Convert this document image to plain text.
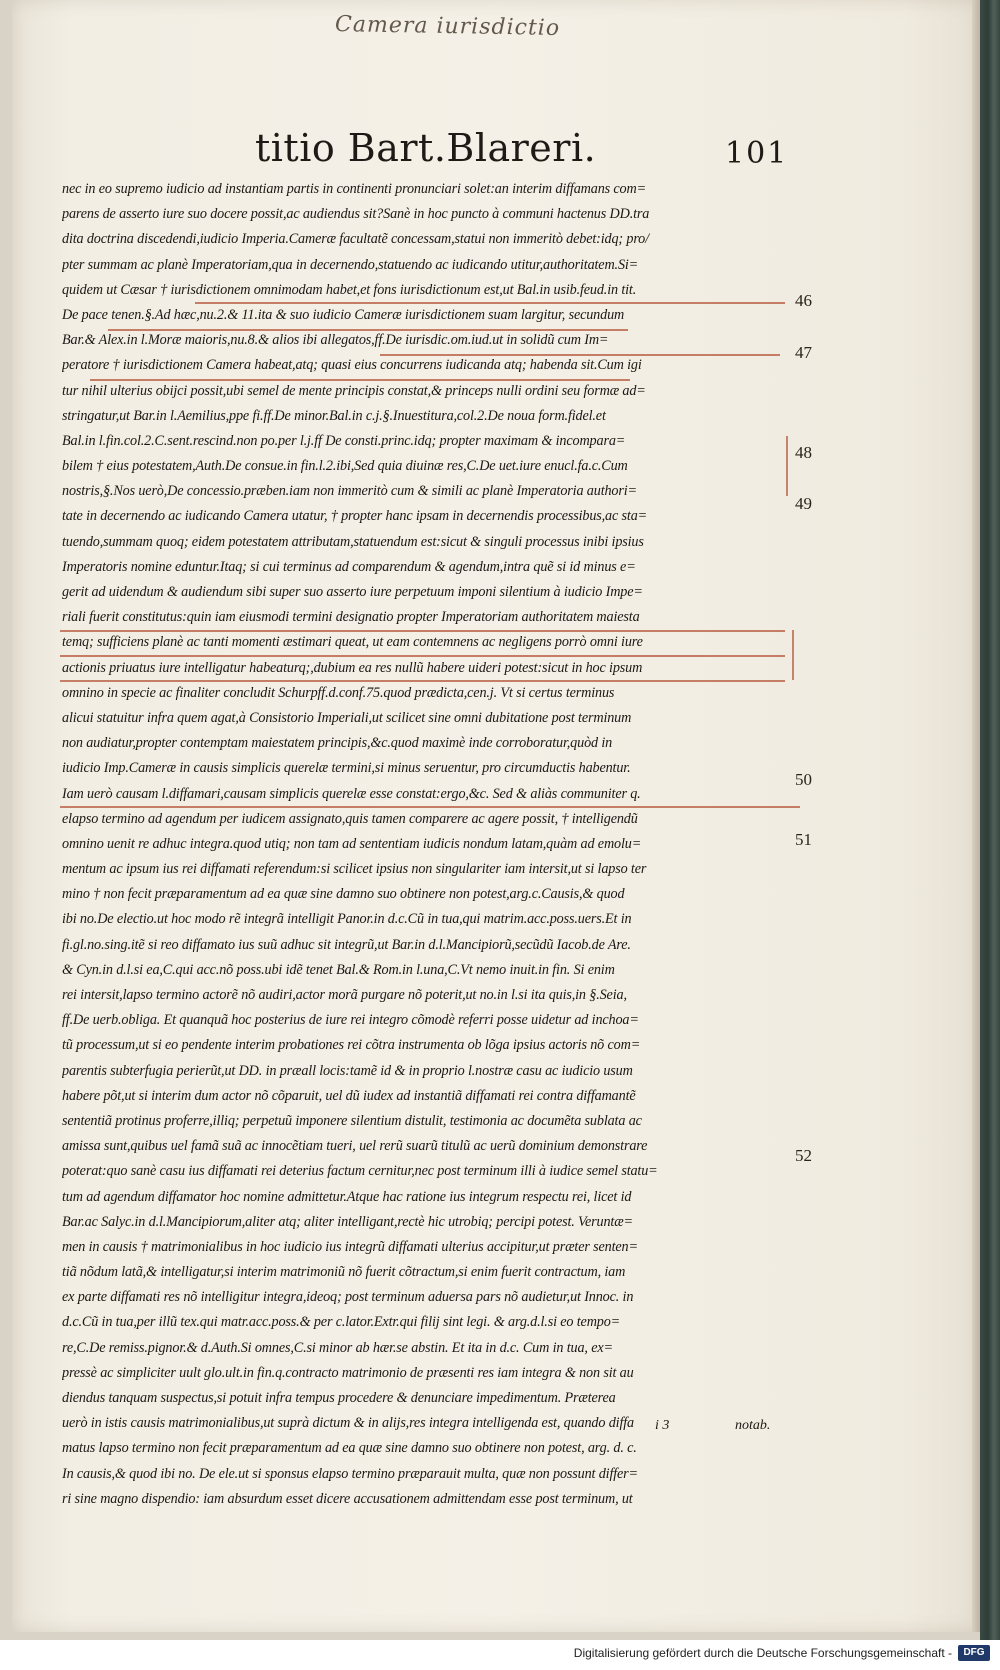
Camera iurisdictio
titio Bart.Blareri.	101
nec in eo supremo iudicio ad instantiam partis in continenti pronunciari solet:an interim diffamans com=
parens de asserto iure suo docere possit,ac audiendus sit?Sanè in hoc puncto à communi hactenus DD.tra
dita doctrina discedendi,iudicio Imperia.Cameræ facultatẽ concessam,statui non immeritò debet:idq; pro/
pter summam ac planè Imperatoriam,qua in decernendo,statuendo ac iudicando utitur,authoritatem.Si=
quidem ut Cæsar † iurisdictionem omnimodam habet,et fons iurisdictionum est,ut Bal.in usib.feud.in tit.
De pace tenen.§.Ad hæc,nu.2.& 11.ita & suo iudicio Cameræ iurisdictionem suam largitur, secundum
Bar.& Alex.in l.Moræ maioris,nu.8.& alios ibi allegatos,ff.De iurisdic.om.iud.ut in solidũ cum Im=
peratore † iurisdictionem Camera habeat,atq; quasi eius concurrens iudicanda atq; habenda sit.Cum igi
tur nihil ulterius obijci possit,ubi semel de mente principis constat,& princeps nulli ordini seu formæ ad=
stringatur,ut Bar.in l.Aemilius,ppe fi.ff.De minor.Bal.in c.j.§.Inuestitura,col.2.De noua form.fidel.et
Bal.in l.fin.col.2.C.sent.rescind.non po.per l.j.ff De consti.princ.idq; propter maximam & incompara=
bilem † eius potestatem,Auth.De consue.in fin.l.2.ibi,Sed quia diuinæ res,C.De uet.iure enucl.fa.c.Cum
nostris,§.Nos uerò,De concessio.præben.iam non immeritò cum & simili ac planè Imperatoria authori=
tate in decernendo ac iudicando Camera utatur, † propter hanc ipsam in decernendis processibus,ac sta=
tuendo,summam quoq; eidem potestatem attributam,statuendum est:sicut & singuli processus inibi ipsius
Imperatoris nomine eduntur.Itaq; si cui terminus ad comparendum & agendum,intra quẽ si id minus e=
gerit ad uidendum & audiendum sibi super suo asserto iure perpetuum imponi silentium à iudicio Impe=
riali fuerit constitutus:quin iam eiusmodi termini designatio propter Imperatoriam authoritatem maiesta
temq; sufficiens planè ac tanti momenti æstimari queat, ut eam contemnens ac negligens porrò omni iure
actionis priuatus iure intelligatur habeaturq;,dubium ea res nullũ habere uideri potest:sicut in hoc ipsum
omnino in specie ac finaliter concludit Schurpff.d.conf.75.quod prædicta,cen.j. Vt si certus terminus
alicui statuitur infra quem agat,à Consistorio Imperiali,ut scilicet sine omni dubitatione post terminum
non audiatur,propter contemptam maiestatem principis,&c.quod maximè inde corroboratur,quòd in
iudicio Imp.Cameræ in causis simplicis querelæ termini,si minus seruentur, pro circumductis habentur.
Iam uerò causam l.diffamari,causam simplicis querelæ esse constat:ergo,&c. Sed & aliàs communiter q.
elapso termino ad agendum per iudicem assignato,quis tamen comparere ac agere possit, † intelligendũ
omnino uenit re adhuc integra.quod utiq; non tam ad sententiam iudicis nondum latam,quàm ad emolu=
mentum ac ipsum ius rei diffamati referendum:si scilicet ipsius non singulariter iam intersit,ut si lapso ter
mino † non fecit præparamentum ad ea quæ sine damno suo obtinere non potest,arg.c.Causis,& quod
ibi no.De electio.ut hoc modo rẽ integrã intelligit Panor.in d.c.Cũ in tua,qui matrim.acc.poss.uers.Et in
fi.gl.no.sing.itẽ si reo diffamato ius suũ adhuc sit integrũ,ut Bar.in d.l.Mancipiorũ,secũdũ Iacob.de Are.
& Cyn.in d.l.si ea,C.qui acc.nõ poss.ubi idẽ tenet Bal.& Rom.in l.una,C.Vt nemo inuit.in fin. Si enim
rei intersit,lapso termino actorẽ nõ audiri,actor morã purgare nõ poterit,ut no.in l.si ita quis,in §.Seia,
ff.De uerb.obliga. Et quanquã hoc posterius de iure rei integro cõmodè referri posse uidetur ad inchoa=
tũ processum,ut si eo pendente interim probationes rei cõtra instrumenta ob lõga ipsius actoris nõ com=
parentis subterfugia perierũt,ut DD. in præall locis:tamẽ id & in proprio l.nostræ casu ac iudicio usum
habere põt,ut si interim dum actor nõ cõparuit, uel dũ iudex ad instantiã diffamati rei contra diffamantẽ
sententiã protinus proferre,illiq; perpetuũ imponere silentium distulit, testimonia ac documẽta sublata ac
amissa sunt,quibus uel famã suã ac innocẽtiam tueri, uel rerũ suarũ titulũ ac uerũ dominium demonstrare
poterat:quo sanè casu ius diffamati rei deterius factum cernitur,nec post terminum illi à iudice semel statu=
tum ad agendum diffamator hoc nomine admittetur.Atque hac ratione ius integrum respectu rei, licet id
Bar.ac Salyc.in d.l.Mancipiorum,aliter atq; aliter intelligant,rectè hic utrobiq; percipi potest. Veruntæ=
men in causis † matrimonialibus in hoc iudicio ius integrũ diffamati ulterius accipitur,ut præter senten=
tiã nõdum latã,& intelligatur,si interim matrimoniũ nõ fuerit cõtractum,si enim fuerit contractum, iam
ex parte diffamati res nõ intelligitur integra,ideoq; post terminum aduersa pars nõ audietur,ut Innoc. in
d.c.Cũ in tua,per illũ tex.qui matr.acc.poss.& per c.lator.Extr.qui filij sint legi. & arg.d.l.si eo tempo=
re,C.De remiss.pignor.& d.Auth.Si omnes,C.si minor ab hær.se abstin. Et ita in d.c. Cum in tua, ex=
pressè ac simpliciter uult glo.ult.in fin.q.contracto matrimonio de præsenti res iam integra & non sit au
diendus tanquam suspectus,si potuit infra tempus procedere & denunciare impedimentum. Præterea
uerò in istis causis matrimonialibus,ut suprà dictum & in alijs,res integra intelligenda est, quando diffa
matus lapso termino non fecit præparamentum ad ea quæ sine damno suo obtinere non potest, arg. d. c.
In causis,& quod ibi no. De ele.ut si sponsus elapso termino præparauit multa, quæ non possunt differ=
ri sine magno dispendio: iam absurdum esset dicere accusationem admittendam esse post terminum, ut
46
47
48
49
50
51
52
i 3	notab.
Digitalisierung gefördert durch die Deutsche Forschungsgemeinschaft -	DFG
